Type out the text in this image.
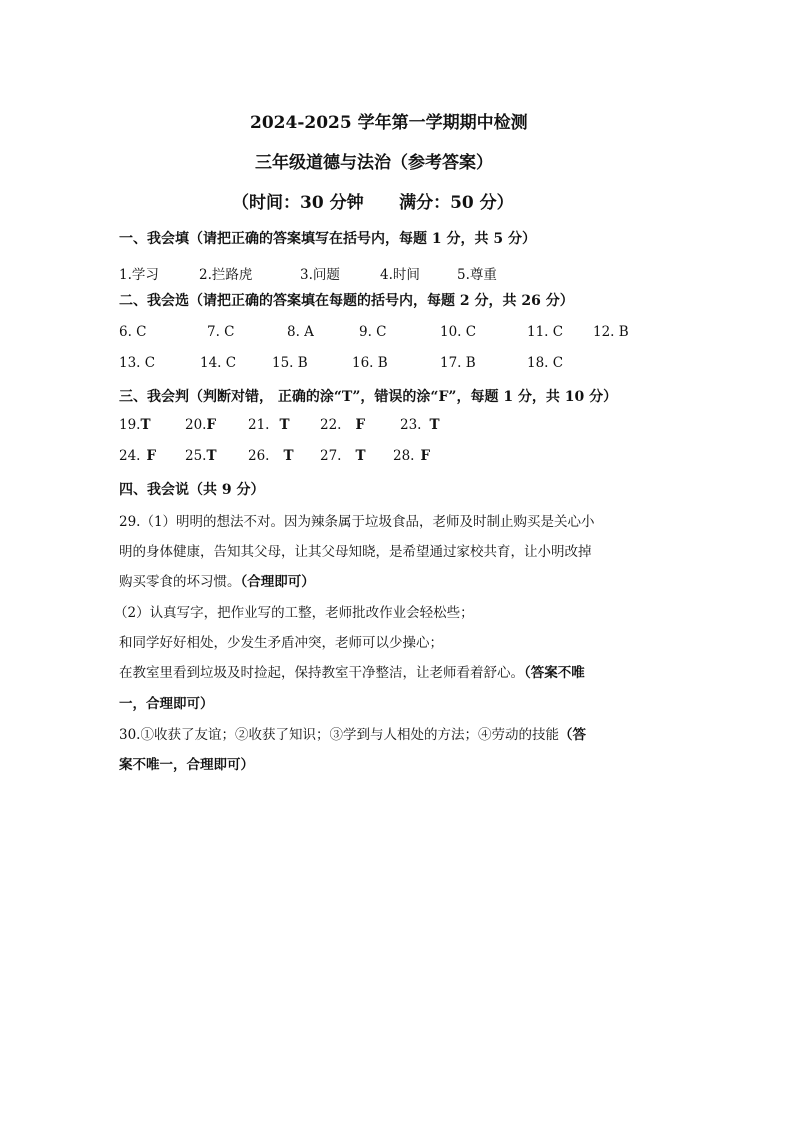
2024-2025 学年第一学期期中检测
三年级道德与法治（参考答案）
（时间：30 分钟      满分：50 分）
一、我会填（请把正确的答案填写在括号内，每题 1 分，共 5 分）
1.学习	2.拦路虎	3.问题	4.时间	5.尊重
二、我会选（请把正确的答案填在每题的括号内，每题 2 分，共 26 分）
6. C	7. C	8. A	9. C	10. C	11. C 12. B
13. C	14. C	15. B	16. B	17. B	18. C
三、我会判（判断对错， 正确的涂“T”，错误的涂“F”，每题 1 分，共 10 分）
19.T	20.F 21. T 22. F	23. T
24. F 25.T 26. T 27. T 28. F
四、我会说（共 9 分）
29.（1）明明的想法不对。因为辣条属于垃圾食品，老师及时制止购买是关心小
明的身体健康，告知其父母，让其父母知晓，是希望通过家校共育，让小明改掉
购买零食的坏习惯。（合理即可）
（2）认真写字，把作业写的工整，老师批改作业会轻松些；
和同学好好相处，少发生矛盾冲突，老师可以少操心；
在教室里看到垃圾及时捡起，保持教室干净整洁，让老师看着舒心。（答案不唯
一，合理即可）
30.①收获了友谊；②收获了知识；③学到与人相处的方法；④劳动的技能（答
案不唯一，合理即可）
